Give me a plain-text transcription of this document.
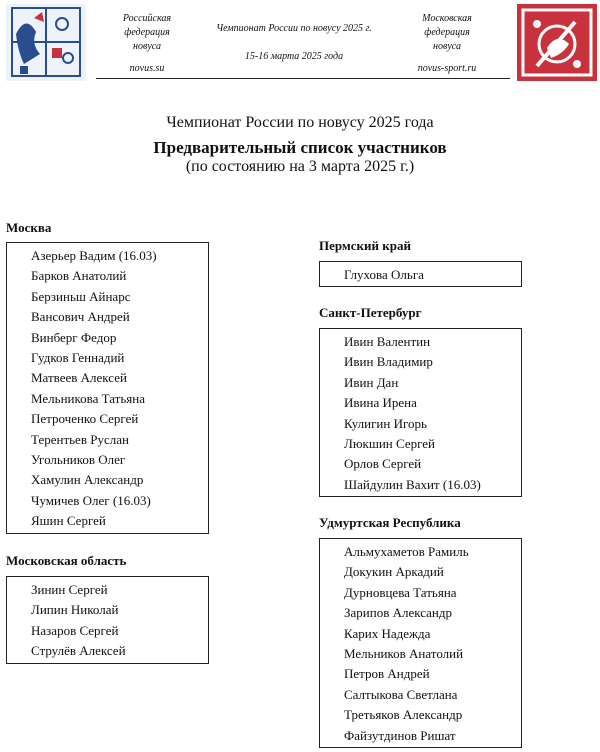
Российская
федерация
новуса
novus.su
Чемпионат России по новусу 2025 г.
15-16 марта 2025 года
Московская
федерация
новуса
novus-sport.ru
Чемпионат России по новусу 2025 года
Предварительный список участников
(по состоянию на 3 марта 2025 г.)
Москва
Азерьер Вадим (16.03)
Барков Анатолий
Берзиньш Айнарс
Вансович Андрей
Винберг Федор
Гудков Геннадий
Матвеев Алексей
Мельникова Татьяна
Петроченко Сергей
Терентьев Руслан
Угольников Олег
Хамулин Александр
Чумичев Олег (16.03)
Яшин Сергей
Московская область
Зинин Сергей
Липин Николай
Назаров Сергей
Струлёв Алексей
Пермский край
Глухова Ольга
Санкт-Петербург
Ивин Валентин
Ивин Владимир
Ивин Дан
Ивина Ирена
Кулигин Игорь
Люкшин Сергей
Орлов Сергей
Шайдулин Вахит (16.03)
Удмуртская Республика
Альмухаметов Рамиль
Докукин Аркадий
Дурновцева Татьяна
Зарипов Александр
Карих Надежда
Мельников Анатолий
Петров Андрей
Салтыкова Светлана
Третьяков Александр
Файзутдинов Ришат
